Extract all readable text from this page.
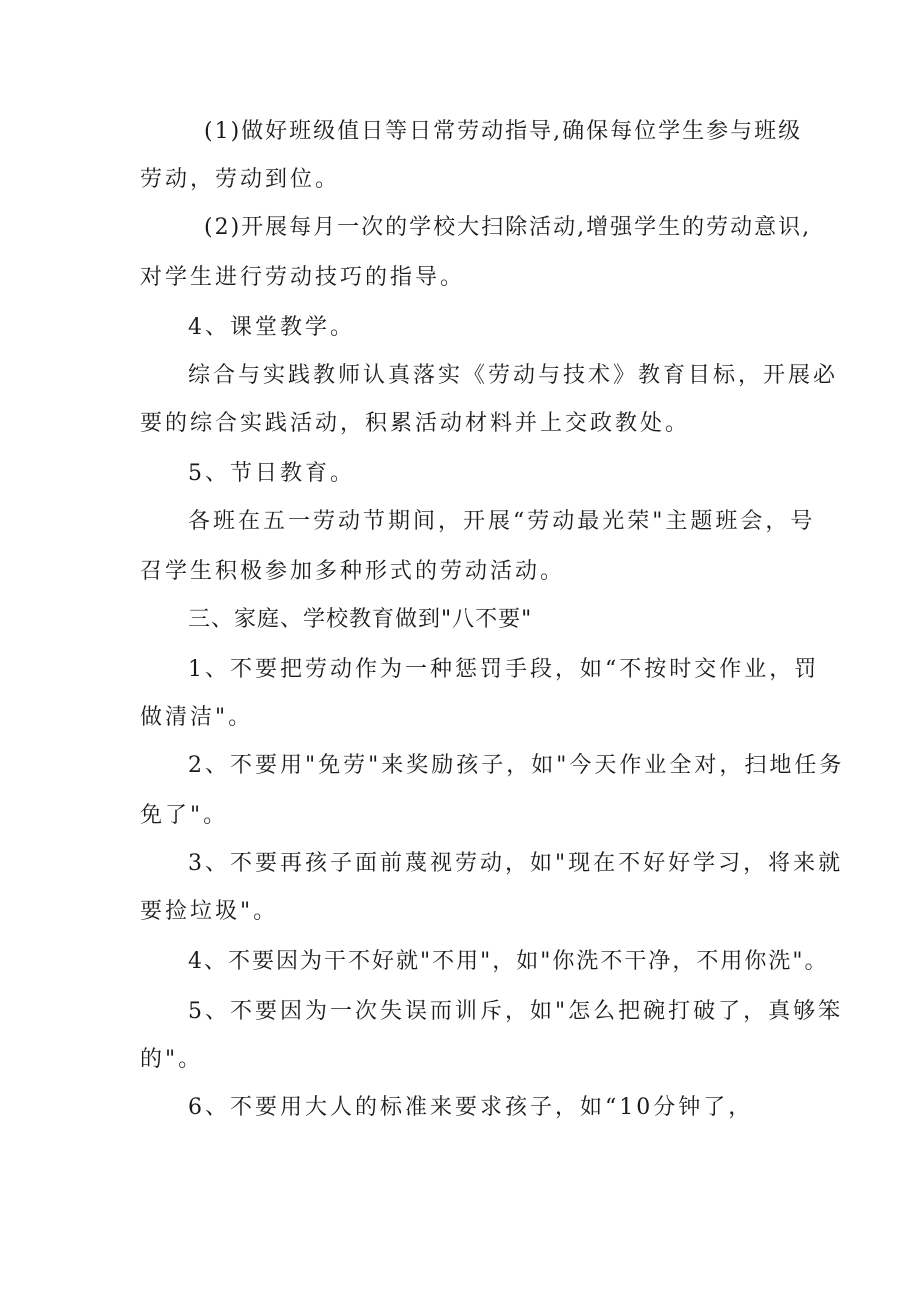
(1)做好班级值日等日常劳动指导,确保每位学生参与班级
劳动，劳动到位。
(2)开展每月一次的学校大扫除活动,增强学生的劳动意识,
对学生进行劳动技巧的指导。
4、课堂教学。
综合与实践教师认真落实《劳动与技术》教育目标，开展必
要的综合实践活动，积累活动材料并上交政教处。
5、节日教育。
各班在五一劳动节期间，开展“劳动最光荣"主题班会，号
召学生积极参加多种形式的劳动活动。
三、家庭、学校教育做到"八不要"
1、不要把劳动作为一种惩罚手段，如“不按时交作业，罚
做清洁"。
2、不要用"免劳"来奖励孩子，如"今天作业全对，扫地任务
免了"。
3、不要再孩子面前蔑视劳动，如"现在不好好学习，将来就
要捡垃圾"。
4、不要因为干不好就"不用"，如"你洗不干净，不用你洗"。
5、不要因为一次失误而训斥，如"怎么把碗打破了，真够笨
的"。
6、不要用大人的标准来要求孩子，如“10分钟了，
